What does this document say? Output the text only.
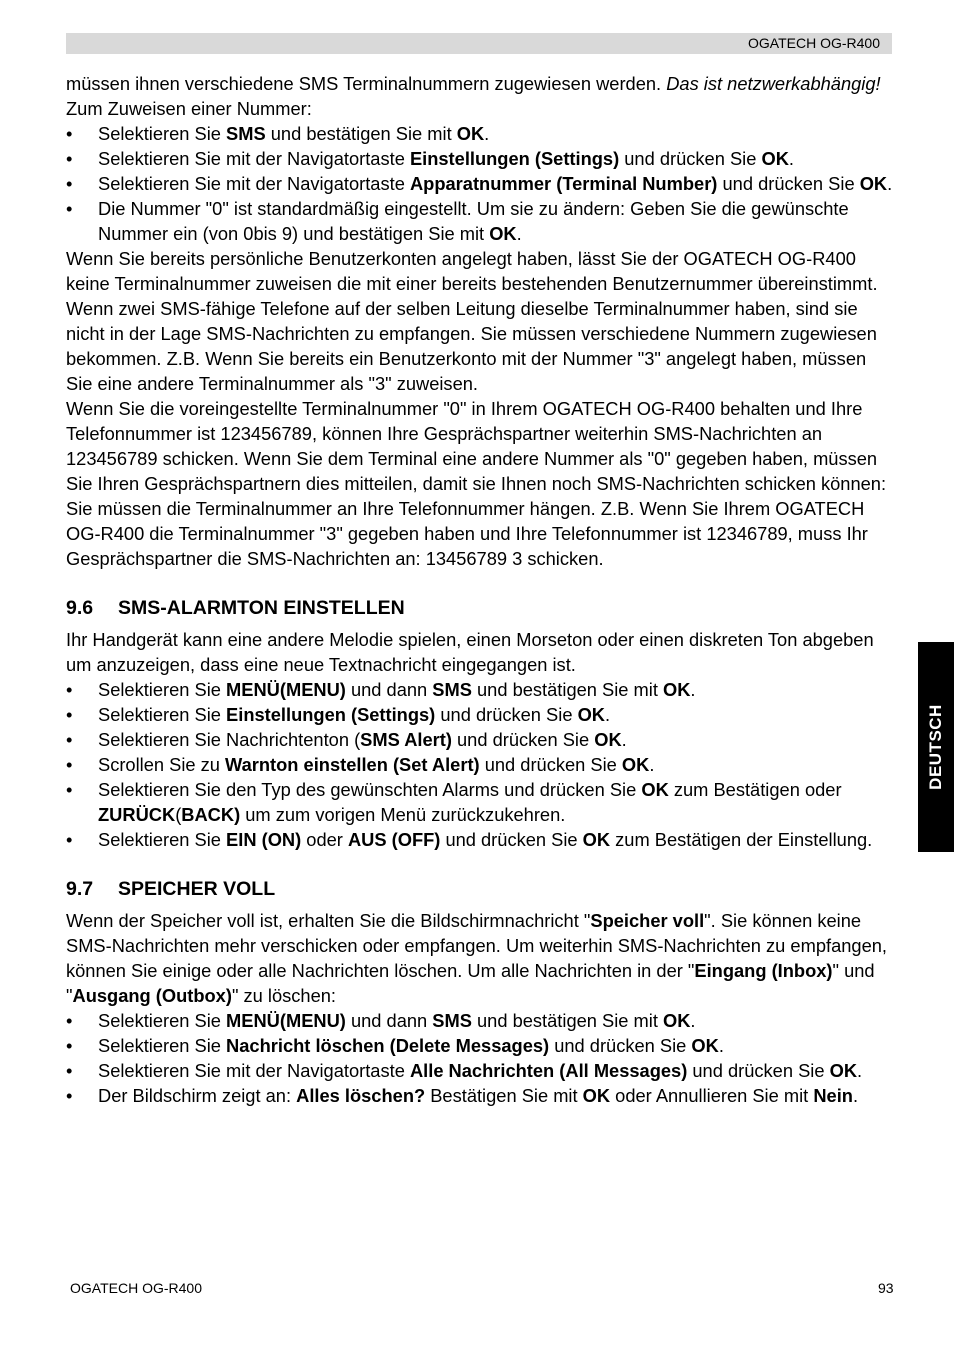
OGATECH OG-R400
DEUTSCH

müssen ihnen verschiedene SMS Terminalnummern zugewiesen werden. Das ist netzwerkabhängig! Zum Zuweisen einer Nummer:

• Selektieren Sie SMS und bestätigen Sie mit OK.
• Selektieren Sie mit der Navigatortaste Einstellungen (Settings) und drücken Sie OK.
• Selektieren Sie mit der Navigatortaste Apparatnummer (Terminal Number) und drücken Sie OK.
• Die Nummer "0" ist standardmäßig eingestellt. Um sie zu ändern: Geben Sie die gewünschte Nummer ein (von 0bis 9) und bestätigen Sie mit OK.

Wenn Sie bereits persönliche Benutzerkonten angelegt haben, lässt Sie der OGATECH OG-R400 keine Terminalnummer zuweisen die mit einer bereits bestehenden Benutzernummer übereinstimmt. Wenn zwei SMS-fähige Telefone auf der selben Leitung dieselbe Terminalnummer haben, sind sie nicht in der Lage SMS-Nachrichten zu empfangen. Sie müssen verschiedene Nummern zugewiesen bekommen. Z.B. Wenn Sie bereits ein Benutzerkonto mit der Nummer "3" angelegt haben, müssen Sie eine andere Terminalnummer als "3" zuweisen.

Wenn Sie die voreingestellte Terminalnummer "0" in Ihrem OGATECH OG-R400 behalten und Ihre Telefonnummer ist 123456789, können Ihre Gesprächspartner weiterhin SMS-Nachrichten an 123456789 schicken. Wenn Sie dem Terminal eine andere Nummer als "0" gegeben haben, müssen Sie Ihren Gesprächspartnern dies mitteilen, damit sie Ihnen noch SMS-Nachrichten schicken können: Sie müssen die Terminalnummer an Ihre Telefonnummer hängen. Z.B. Wenn Sie Ihrem OGATECH OG-R400 die Terminalnummer "3" gegeben haben und Ihre Telefonnummer ist 12346789, muss Ihr Gesprächspartner die SMS-Nachrichten an: 13456789 3 schicken.

9.6 SMS-ALARMTON EINSTELLEN

Ihr Handgerät kann eine andere Melodie spielen, einen Morseton oder einen diskreten Ton abgeben um anzuzeigen, dass eine neue Textnachricht eingegangen ist.

• Selektieren Sie MENÜ(MENU) und dann SMS und bestätigen Sie mit OK.
• Selektieren Sie Einstellungen (Settings) und drücken Sie OK.
• Selektieren Sie Nachrichtenton (SMS Alert) und drücken Sie OK.
• Scrollen Sie zu Warnton einstellen (Set Alert) und drücken Sie OK.
• Selektieren Sie den Typ des gewünschten Alarms und drücken Sie OK zum Bestätigen oder ZURÜCK(BACK) um zum vorigen Menü zurückzukehren.
• Selektieren Sie EIN (ON) oder AUS (OFF) und drücken Sie OK zum Bestätigen der Einstellung.
9.7 SPEICHER VOLL

Wenn der Speicher voll ist, erhalten Sie die Bildschirmnachricht "Speicher voll". Sie können keine SMS-Nachrichten mehr verschicken oder empfangen. Um weiterhin SMS-Nachrichten zu empfangen, können Sie einige oder alle Nachrichten löschen. Um alle Nachrichten in der "Eingang (Inbox)" und "Ausgang (Outbox)" zu löschen:

• Selektieren Sie MENÜ(MENU) und dann SMS und bestätigen Sie mit OK.
• Selektieren Sie Nachricht löschen (Delete Messages) und drücken Sie OK.
• Selektieren Sie mit der Navigatortaste Alle Nachrichten (All Messages) und drücken Sie OK.
• Der Bildschirm zeigt an: Alles löschen? Bestätigen Sie mit OK oder Annullieren Sie mit Nein.
OGATECH OG-R400	93
